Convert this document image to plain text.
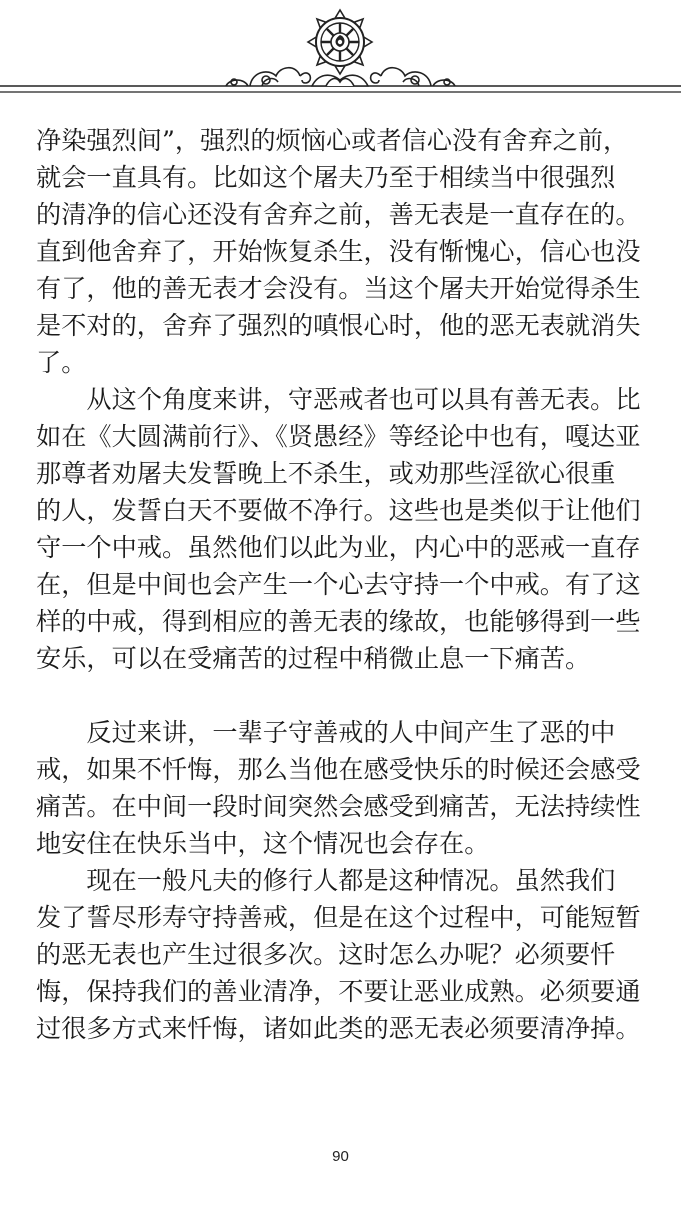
净染强烈间”，强烈的烦恼心或者信心没有舍弃之前，
就会一直具有。比如这个屠夫乃至于相续当中很强烈
的清净的信心还没有舍弃之前，善无表是一直存在的。
直到他舍弃了，开始恢复杀生，没有惭愧心，信心也没
有了，他的善无表才会没有。当这个屠夫开始觉得杀生
是不对的，舍弃了强烈的嗔恨心时，他的恶无表就消失
了。
　　从这个角度来讲，守恶戒者也可以具有善无表。比
如在《大圆满前行》、《贤愚经》等经论中也有，嘎达亚
那尊者劝屠夫发誓晚上不杀生，或劝那些淫欲心很重
的人，发誓白天不要做不净行。这些也是类似于让他们
守一个中戒。虽然他们以此为业，内心中的恶戒一直存
在，但是中间也会产生一个心去守持一个中戒。有了这
样的中戒，得到相应的善无表的缘故，也能够得到一些
安乐，可以在受痛苦的过程中稍微止息一下痛苦。
　　反过来讲，一辈子守善戒的人中间产生了恶的中
戒，如果不忏悔，那么当他在感受快乐的时候还会感受
痛苦。在中间一段时间突然会感受到痛苦，无法持续性
地安住在快乐当中，这个情况也会存在。
　　现在一般凡夫的修行人都是这种情况。虽然我们
发了誓尽形寿守持善戒，但是在这个过程中，可能短暂
的恶无表也产生过很多次。这时怎么办呢？必须要忏
悔，保持我们的善业清净，不要让恶业成熟。必须要通
过很多方式来忏悔，诸如此类的恶无表必须要清净掉。
90
